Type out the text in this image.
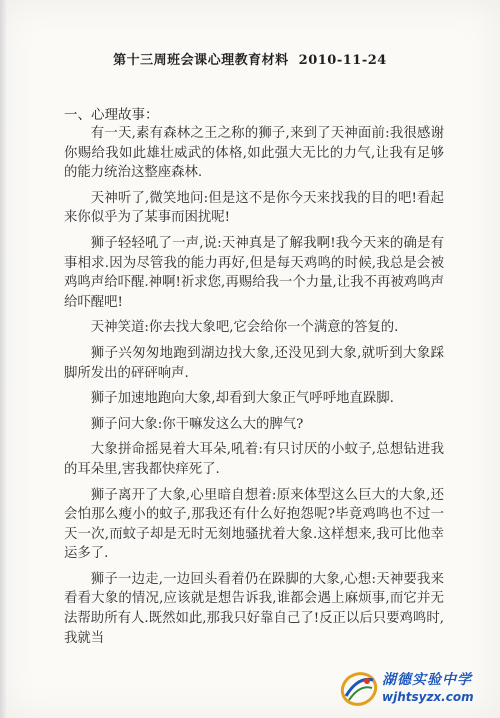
第十三周班会课心理教育材料 2010-11-24
一、心理故事：

有一天,素有森林之王之称的狮子,来到了天神面前:我很感谢你赐给我如此雄壮威武的体格,如此强大无比的力气,让我有足够的能力统治这整座森林.

天神听了,微笑地问:但是这不是你今天来找我的目的吧!看起来你似乎为了某事而困扰呢!

狮子轻轻吼了一声,说:天神真是了解我啊!我今天来的确是有事相求.因为尽管我的能力再好,但是每天鸡鸣的时候,我总是会被鸡鸣声给吓醒.神啊!祈求您,再赐给我一个力量,让我不再被鸡鸣声给吓醒吧!

天神笑道:你去找大象吧,它会给你一个满意的答复的.

狮子兴匆匆地跑到湖边找大象,还没见到大象,就听到大象踩脚所发出的砰砰响声.

狮子加速地跑向大象,却看到大象正气呼呼地直跺脚.

狮子问大象:你干嘛发这么大的脾气?

大象拼命摇晃着大耳朵,吼着:有只讨厌的小蚊子,总想钻进我的耳朵里,害我都快痒死了.

狮子离开了大象,心里暗自想着:原来体型这么巨大的大象,还会怕那么瘦小的蚊子,那我还有什么好抱怨呢?毕竟鸡鸣也不过一天一次,而蚊子却是无时无刻地骚扰着大象.这样想来,我可比他幸运多了.

狮子一边走,一边回头看着仍在跺脚的大象,心想:天神要我来看看大象的情况,应该就是想告诉我,谁都会遇上麻烦事,而它并无法帮助所有人.既然如此,那我只好靠自己了!反正以后只要鸡鸣时,我就当

湖德实验中学
wjhtsyzx.com
